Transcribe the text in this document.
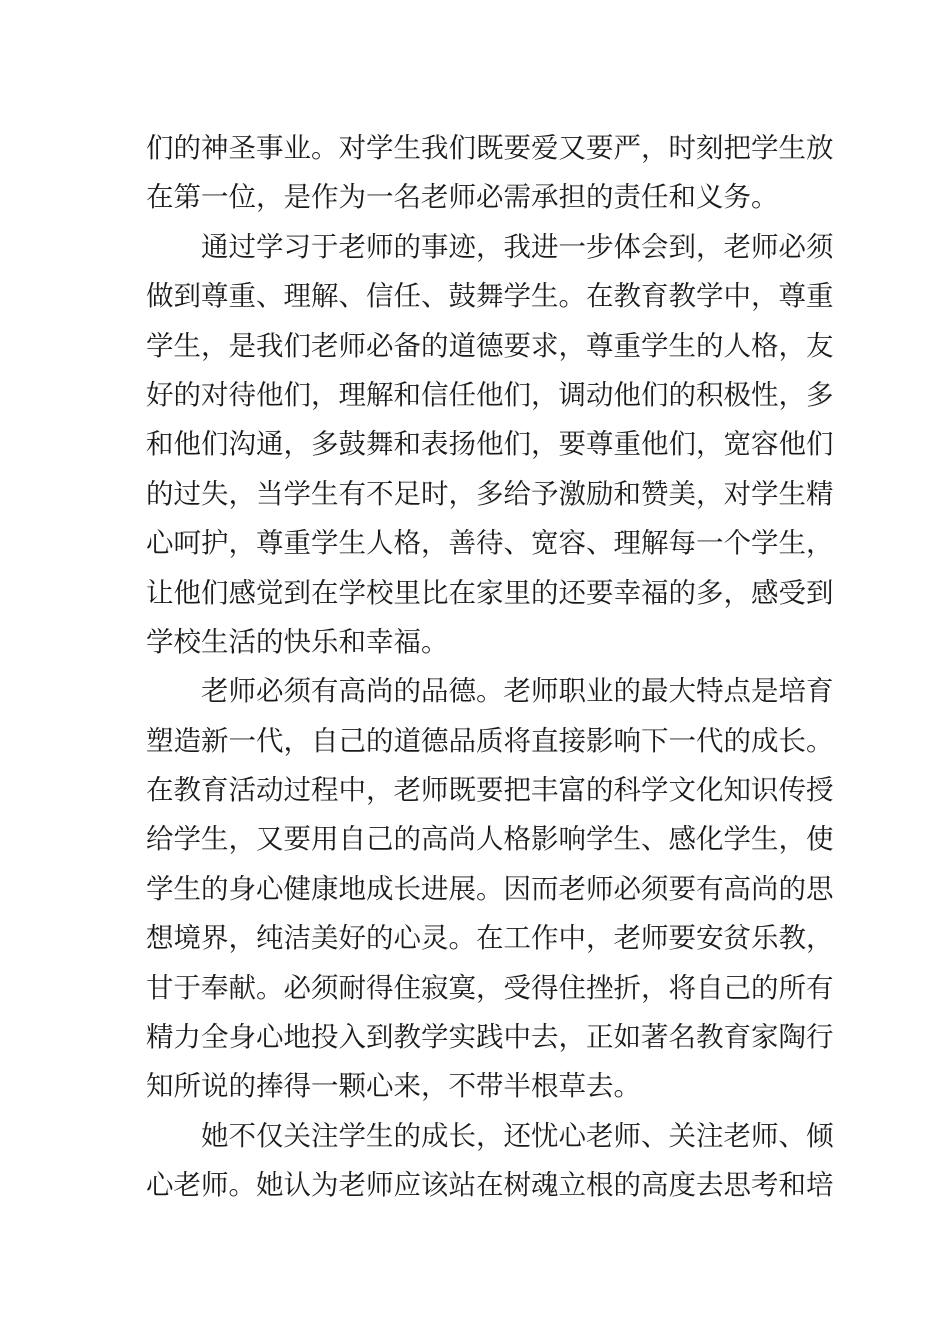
们的神圣事业。对学生我们既要爱又要严，时刻把学生放
在第一位，是作为一名老师必需承担的责任和义务。
通过学习于老师的事迹，我进一步体会到，老师必须
做到尊重、理解、信任、鼓舞学生。在教育教学中，尊重
学生，是我们老师必备的道德要求，尊重学生的人格，友
好的对待他们，理解和信任他们，调动他们的积极性，多
和他们沟通，多鼓舞和表扬他们，要尊重他们，宽容他们
的过失，当学生有不足时，多给予激励和赞美，对学生精
心呵护，尊重学生人格，善待、宽容、理解每一个学生，
让他们感觉到在学校里比在家里的还要幸福的多，感受到
学校生活的快乐和幸福。
老师必须有高尚的品德。老师职业的最大特点是培育
塑造新一代，自己的道德品质将直接影响下一代的成长。
在教育活动过程中，老师既要把丰富的科学文化知识传授
给学生，又要用自己的高尚人格影响学生、感化学生，使
学生的身心健康地成长进展。因而老师必须要有高尚的思
想境界，纯洁美好的心灵。在工作中，老师要安贫乐教，
甘于奉献。必须耐得住寂寞，受得住挫折，将自己的所有
精力全身心地投入到教学实践中去，正如著名教育家陶行
知所说的捧得一颗心来，不带半根草去。
她不仅关注学生的成长，还忧心老师、关注老师、倾
心老师。她认为老师应该站在树魂立根的高度去思考和培
